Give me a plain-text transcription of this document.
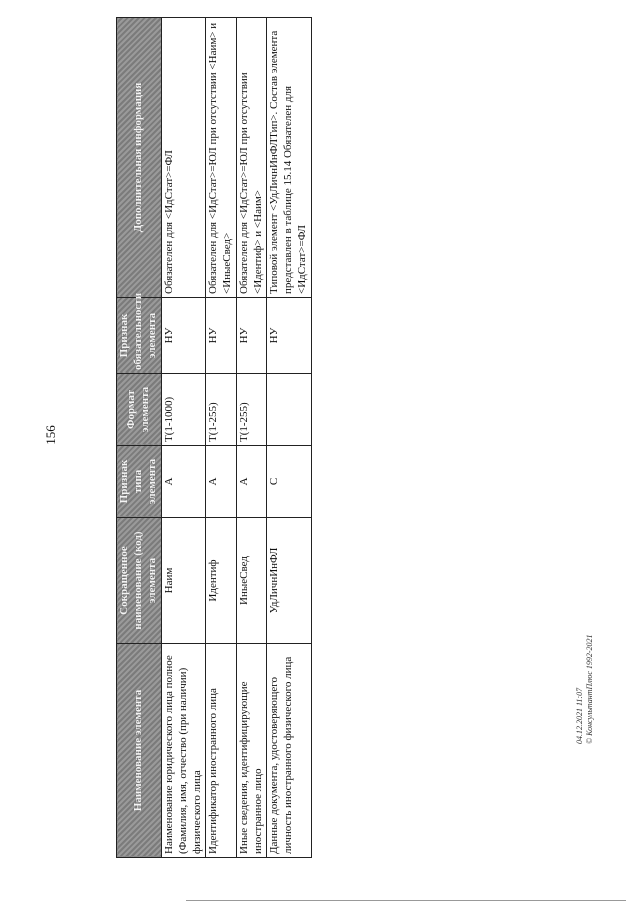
156
Наименование элемента	Сокращенное наименование (код) элемента	Признак типа элемента	Формат элемента	Признак обязательности элемента	Дополнительная информация
Наименование юридического лица полное (Фамилия, имя, отчество (при наличии) физического лица	Наим	А	T(1-1000)	НУ	Обязателен для <ИдСтат>=ФЛ
Идентификатор иностранного лица	Идентиф	А	T(1-255)	НУ	Обязателен для <ИдСтат>=ЮЛ при отсутствии <Наим> и <ИныеСвед>
Иные сведения, идентифицирующие иностранное лицо	ИныеСвед	А	T(1-255)	НУ	Обязателен для <ИдСтат>=ЮЛ при отсутствии <Идентиф> и <Наим>
Данные документа, удостоверяющего личность иностранного физического лица	УдЛичнИнФЛ	С		НУ	Типовой элемент <УдЛичнИнФЛТип>. Состав элемента представлен в таблице 15.14 Обязателен для <ИдСтат>=ФЛ
04.12.2021 11:07 © КонсультантПлюс 1992-2021
